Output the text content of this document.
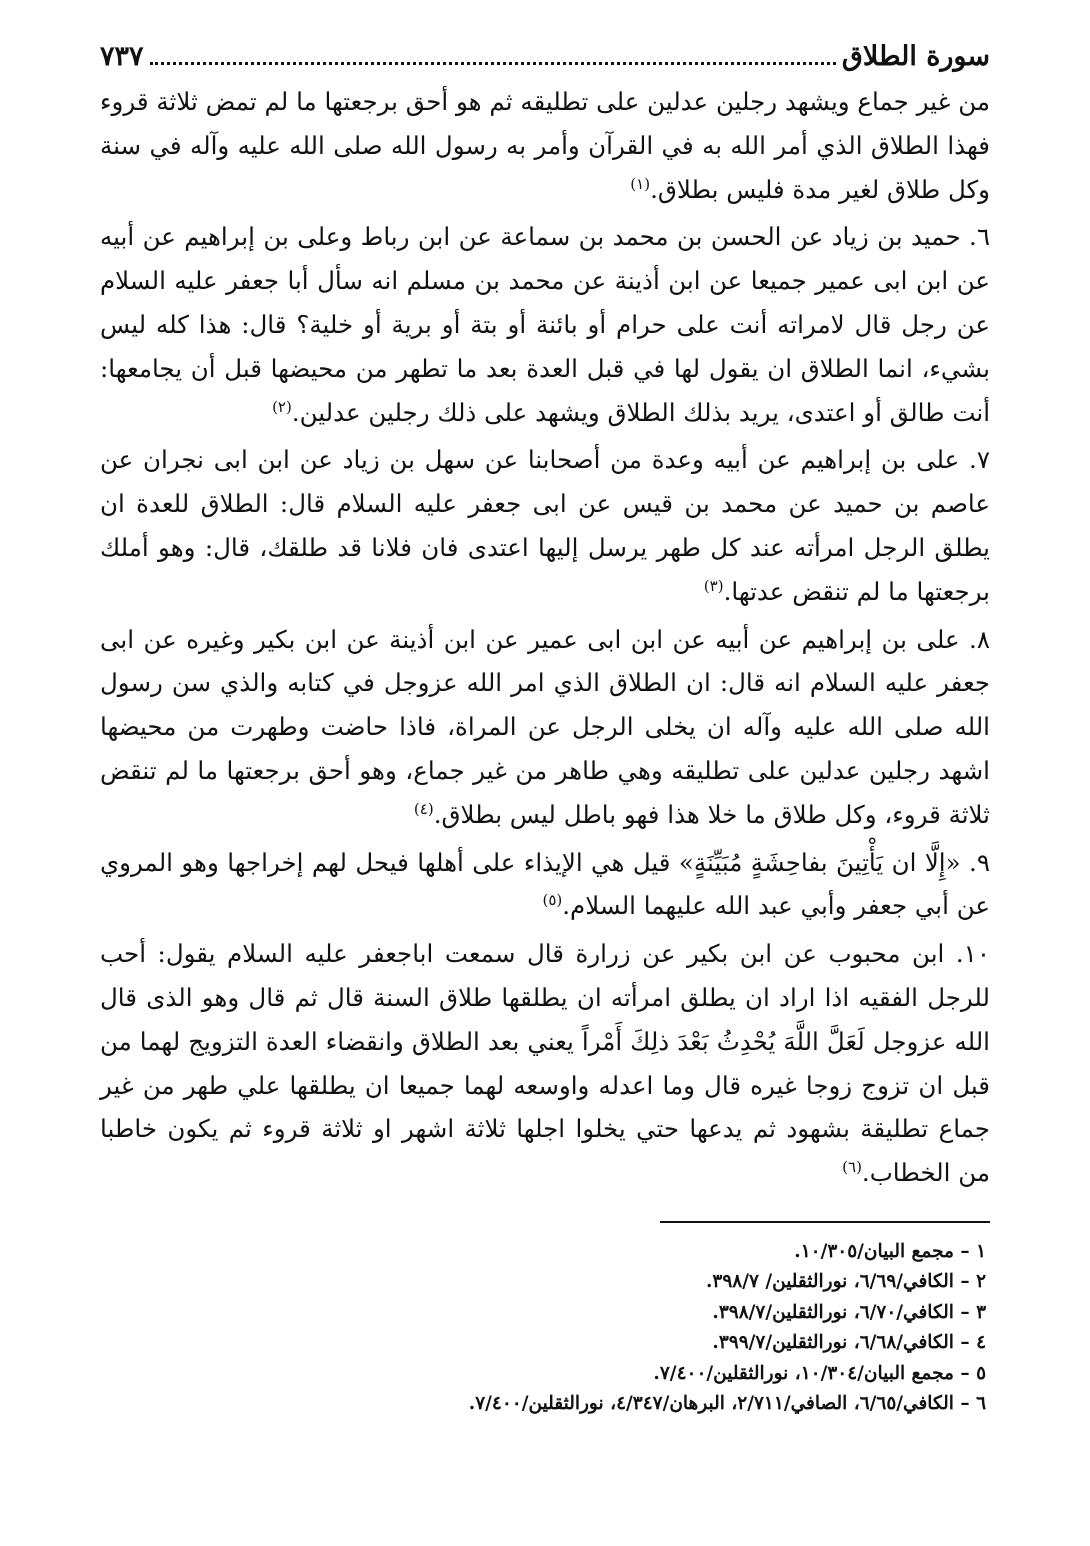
سورة الطلاق
٧٣٧

من غير جماع ويشهد رجلين عدلين على تطليقه ثم هو أحق برجعتها ما لم تمض ثلاثة قروء فهذا الطلاق الذي أمر الله به في القرآن وأمر به رسول الله صلى الله عليه وآله في سنة وكل طلاق لغير مدة فليس بطلاق.$^{(١)}$

٦. حميد بن زياد عن الحسن بن محمد بن سماعة عن ابن رباط وعلى بن إبراهيم عن أبيه عن ابن ابى عمير جميعا عن ابن أذينة عن محمد بن مسلم انه سأل أبا جعفر عليه السلام عن رجل قال لامراته أنت على حرام أو بائنة أو بتة أو برية أو خلية؟ قال: هذا كله ليس بشيء، انما الطلاق ان يقول لها في قبل العدة بعد ما تطهر من محيضها قبل أن يجامعها: أنت طالق أو اعتدى، يريد بذلك الطلاق ويشهد على ذلك رجلين عدلين.$^{(٢)}$

٧. على بن إبراهيم عن أبيه وعدة من أصحابنا عن سهل بن زياد عن ابن ابى نجران عن عاصم بن حميد عن محمد بن قيس عن ابى جعفر عليه السلام قال: الطلاق للعدة ان يطلق الرجل امرأته عند كل طهر يرسل إليها اعتدى فان فلانا قد طلقك، قال: وهو أملك برجعتها ما لم تنقض عدتها.$^{(٣)}$

٨. على بن إبراهيم عن أبيه عن ابن ابى عمير عن ابن أذينة عن ابن بكير وغيره عن ابى جعفر عليه السلام انه قال: ان الطلاق الذي امر الله عزوجل في كتابه والذي سن رسول الله صلى الله عليه وآله ان يخلى الرجل عن المراة، فاذا حاضت وطهرت من محيضها اشهد رجلين عدلين على تطليقه وهي طاهر من غير جماع، وهو أحق برجعتها ما لم تنقض ثلاثة قروء، وكل طلاق ما خلا هذا فهو باطل ليس بطلاق.$^{(٤)}$

٩. «إِلَّا ان يَأْتِينَ بفاحِشَةٍ مُبَيِّنَةٍ» قيل هي الإيذاء على أهلها فيحل لهم إخراجها وهو المروي عن أبي جعفر وأبي عبد الله عليهما السلام.$^{(٥)}$

١٠. ابن محبوب عن ابن بكير عن زرارة قال سمعت اباجعفر عليه السلام يقول: أحب للرجل الفقيه اذا اراد ان يطلق امرأته ان يطلقها طلاق السنة قال ثم قال وهو الذى قال الله عزوجل لَعَلَّ اللَّهَ يُحْدِثُ بَعْدَ ذلِكَ أَمْراً يعني بعد الطلاق وانقضاء العدة التزويج لهما من قبل ان تزوج زوجا غيره قال وما اعدله واوسعه لهما جميعا ان يطلقها علي طهر من غير جماع تطليقة بشهود ثم يدعها حتي يخلوا اجلها ثلاثة اشهر او ثلاثة قروء ثم يكون خاطبا من الخطاب.$^{(٦)}$

١ – مجمع البيان/١٠/٣٠٥.
٢ – الكافي/٦/٦٩، نورالثقلين/ ٣٩٨/٧.
٣ – الكافي/٦/٧٠، نورالثقلين/٣٩٨/٧.
٤ – الكافي/٦/٦٨، نورالثقلين/٣٩٩/٧.
٥ – مجمع البيان/١٠/٣٠٤، نورالثقلين/٧/٤٠٠.
٦ – الكافي/٦/٦٥، الصافي/٢/٧١١، البرهان/٤/٣٤٧، نورالثقلين/٧/٤٠٠.
